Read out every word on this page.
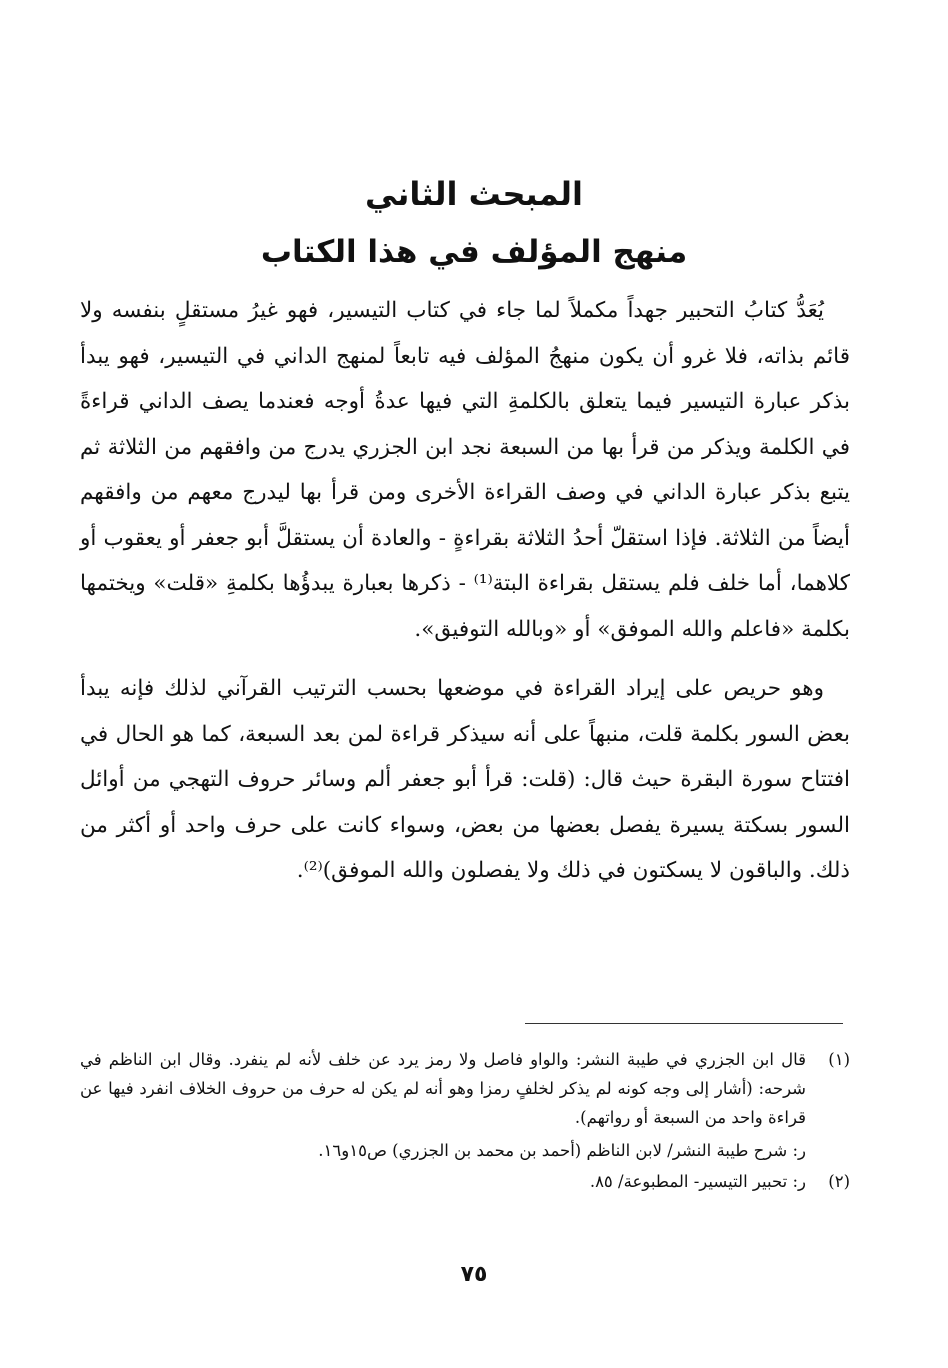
المبحث الثاني
منهج المؤلف في هذا الكتاب

يُعَدُّ كتابُ التحبير جهداً مكملاً لما جاء في كتاب التيسير، فهو غيرُ مستقلٍ بنفسه ولا قائم بذاته، فلا غرو أن يكون منهجُ المؤلف فيه تابعاً لمنهج الداني في التيسير، فهو يبدأ بذكر عبارة التيسير فيما يتعلق بالكلمةِ التي فيها عدةُ أوجه فعندما يصف الداني قراءةً في الكلمة ويذكر من قرأ بها من السبعة نجد ابن الجزري يدرج من وافقهم من الثلاثة ثم يتبع بذكر عبارة الداني في وصف القراءة الأخرى ومن قرأ بها ليدرج معهم من وافقهم أيضاً من الثلاثة. فإذا استقلّ أحدُ الثلاثة بقراءةٍ - والعادة أن يستقلَّ أبو جعفر أو يعقوب أو كلاهما، أما خلف فلم يستقل بقراءة البتة⁽¹⁾ - ذكرها بعبارة يبدؤُها بكلمةِ «قلت» ويختمها بكلمة «فاعلم والله الموفق» أو «وبالله التوفيق».

وهو حريص على إيراد القراءة في موضعها بحسب الترتيب القرآني لذلك فإنه يبدأ بعض السور بكلمة قلت، منبهاً على أنه سيذكر قراءة لمن بعد السبعة، كما هو الحال في افتتاح سورة البقرة حيث قال: (قلت: قرأ أبو جعفر ألم وسائر حروف التهجي من أوائل السور بسكتة يسيرة يفصل بعضها من بعض، وسواء كانت على حرف واحد أو أكثر من ذلك. والباقون لا يسكتون في ذلك ولا يفصلون والله الموفق)⁽²⁾.

(١)
قال ابن الجزري في طيبة النشر: والواو فاصل ولا رمز يرد عن خلف لأنه لم ينفرد. وقال ابن الناظم في شرحه: (أشار إلى وجه كونه لم يذكر لخلفٍ رمزا وهو أنه لم يكن له حرف من حروف الخلاف انفرد فيها عن قراءة واحد من السبعة أو رواتهم).
ر: شرح طيبة النشر/ لابن الناظم (أحمد بن محمد بن الجزري) ص١٥و١٦.
(٢)
ر: تحبير التيسير- المطبوعة/ ٨٥.
٧٥
